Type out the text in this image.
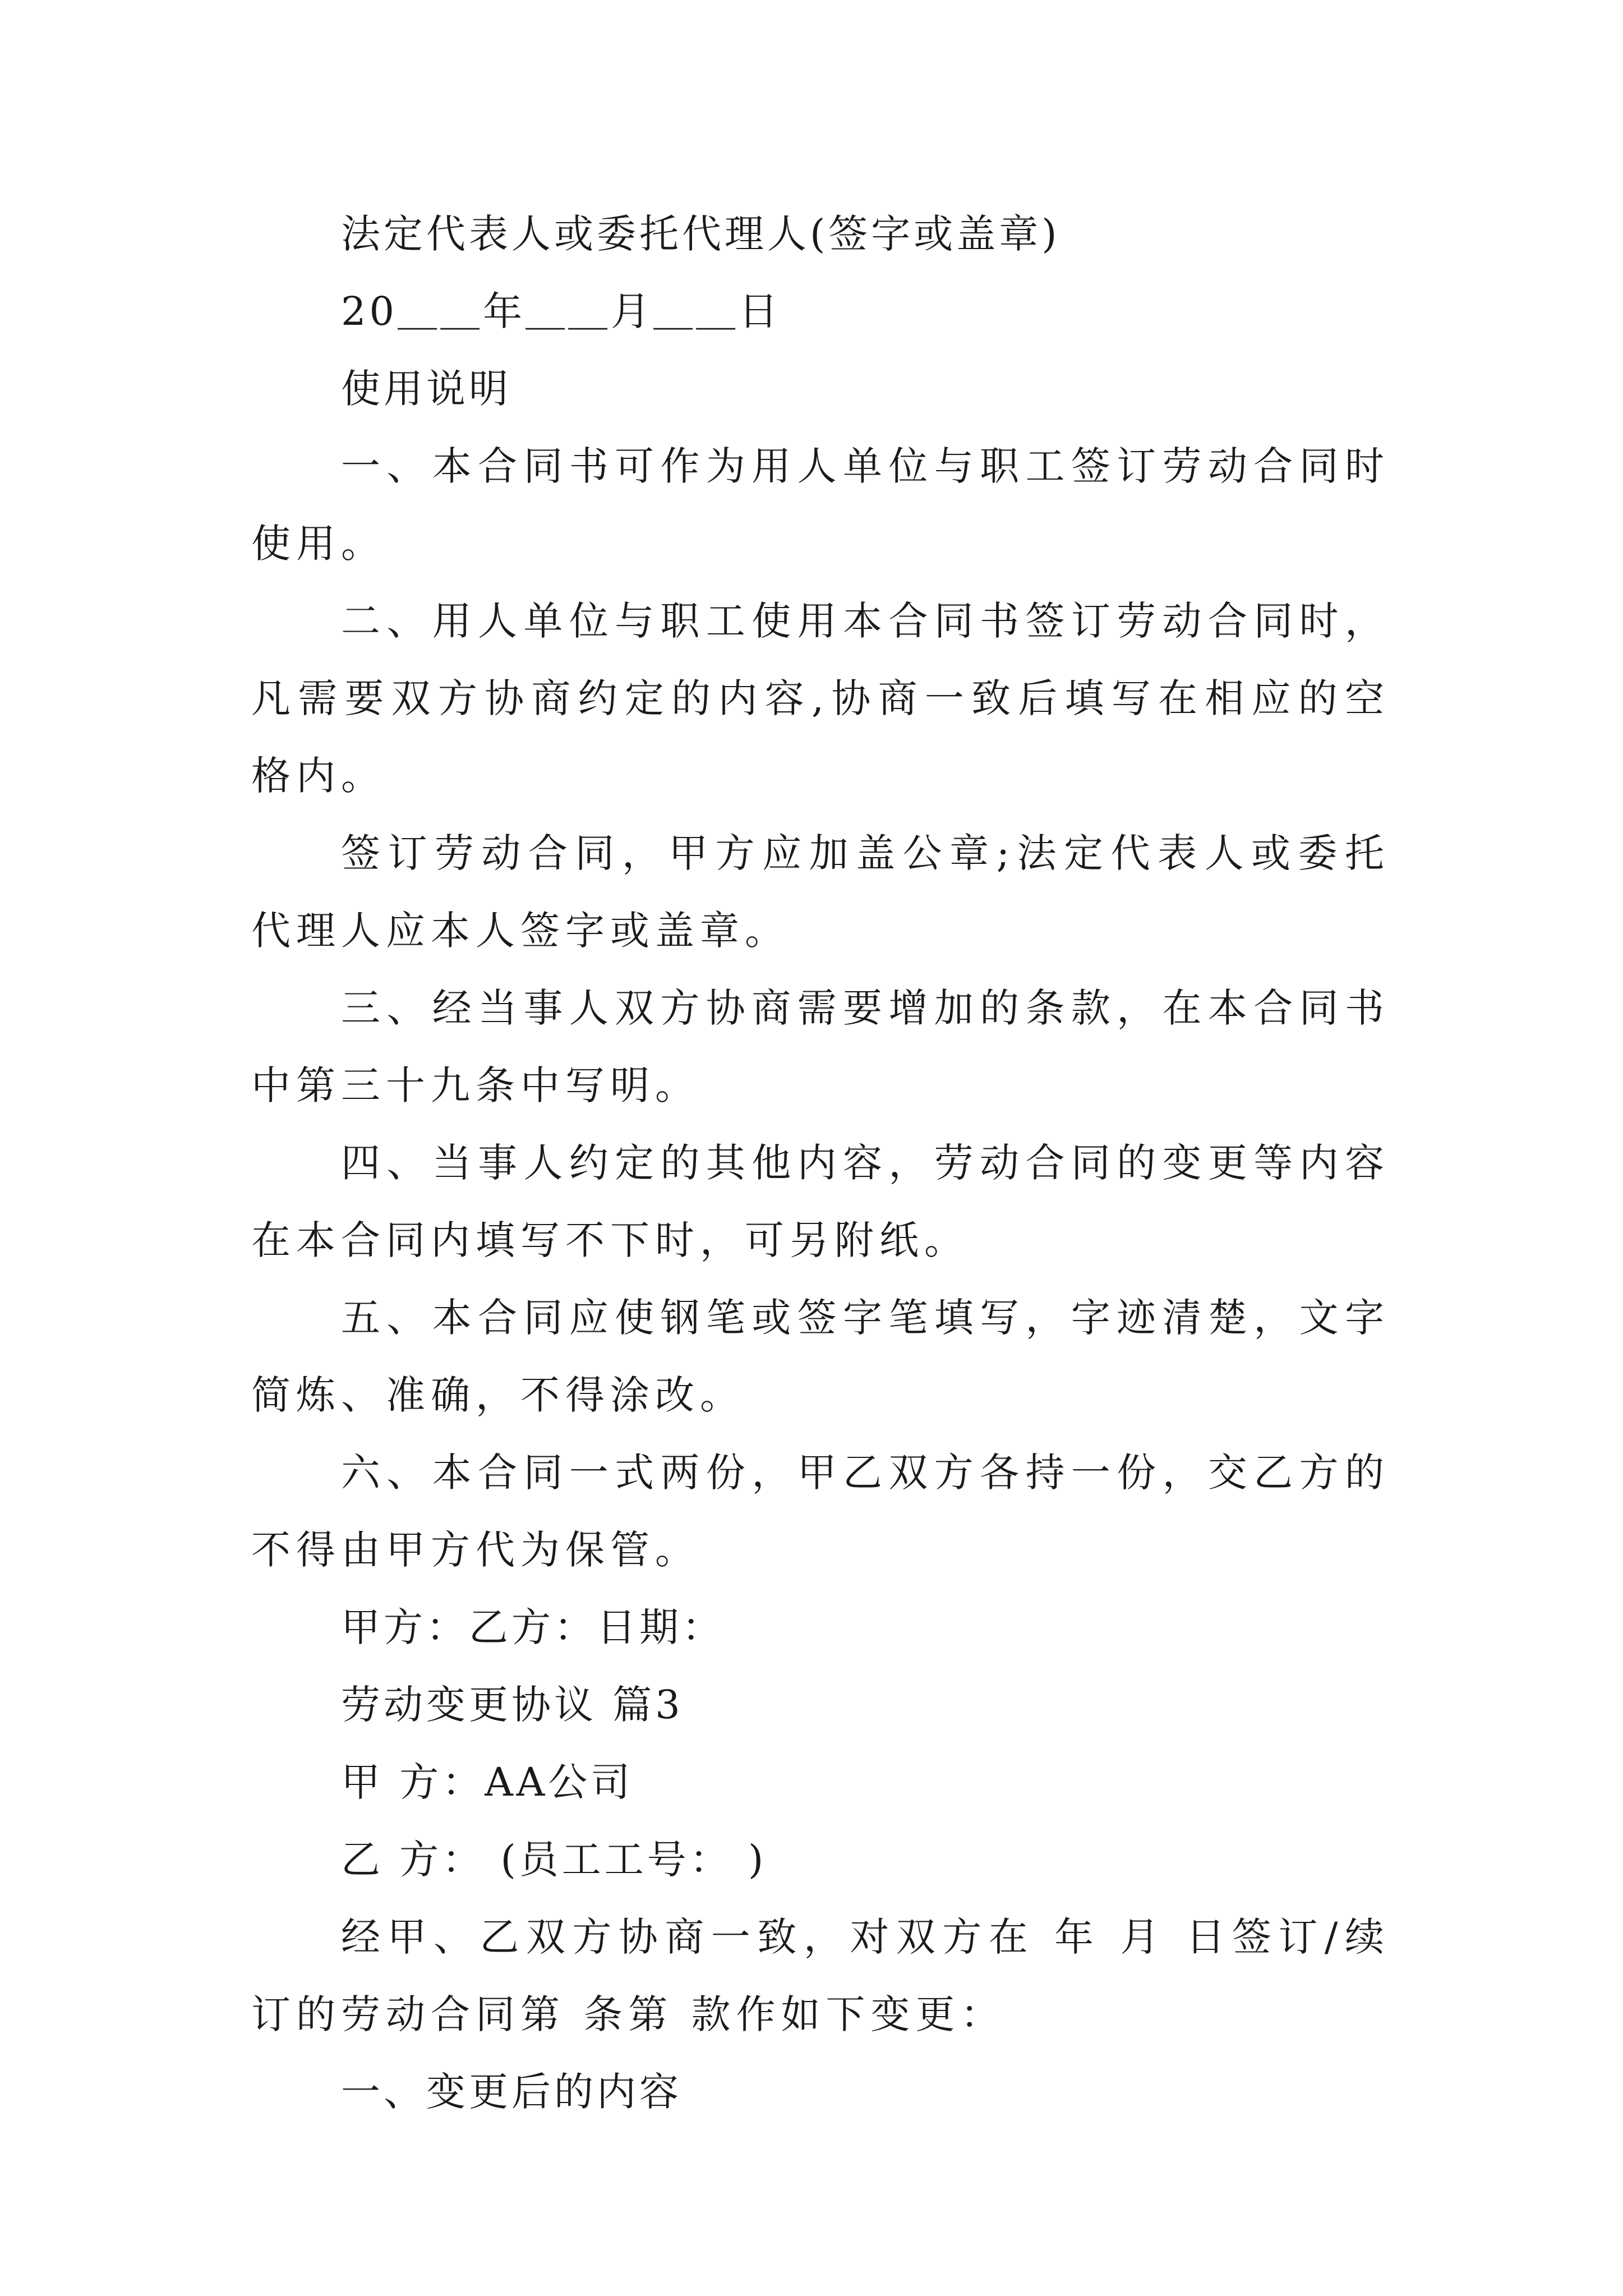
法定代表人或委托代理人(签字或盖章)
20＿＿年＿＿月＿＿日
使用说明
一、本合同书可作为用人单位与职工签订劳动合同时使用。
二、用人单位与职工使用本合同书签订劳动合同时，凡需要双方协商约定的内容,协商一致后填写在相应的空格内。
签订劳动合同，甲方应加盖公章;法定代表人或委托代理人应本人签字或盖章。
三、经当事人双方协商需要增加的条款，在本合同书中第三十九条中写明。
四、当事人约定的其他内容，劳动合同的变更等内容在本合同内填写不下时，可另附纸。
五、本合同应使钢笔或签字笔填写，字迹清楚，文字简炼、准确，不得涂改。
六、本合同一式两份，甲乙双方各持一份，交乙方的不得由甲方代为保管。
甲方：乙方：日期：
劳动变更协议 篇3
甲 方：AA公司
乙 方： (员工工号： )
经甲、乙双方协商一致，对双方在 年 月 日签订/续订的劳动合同第 条第 款作如下变更：
一、变更后的内容
